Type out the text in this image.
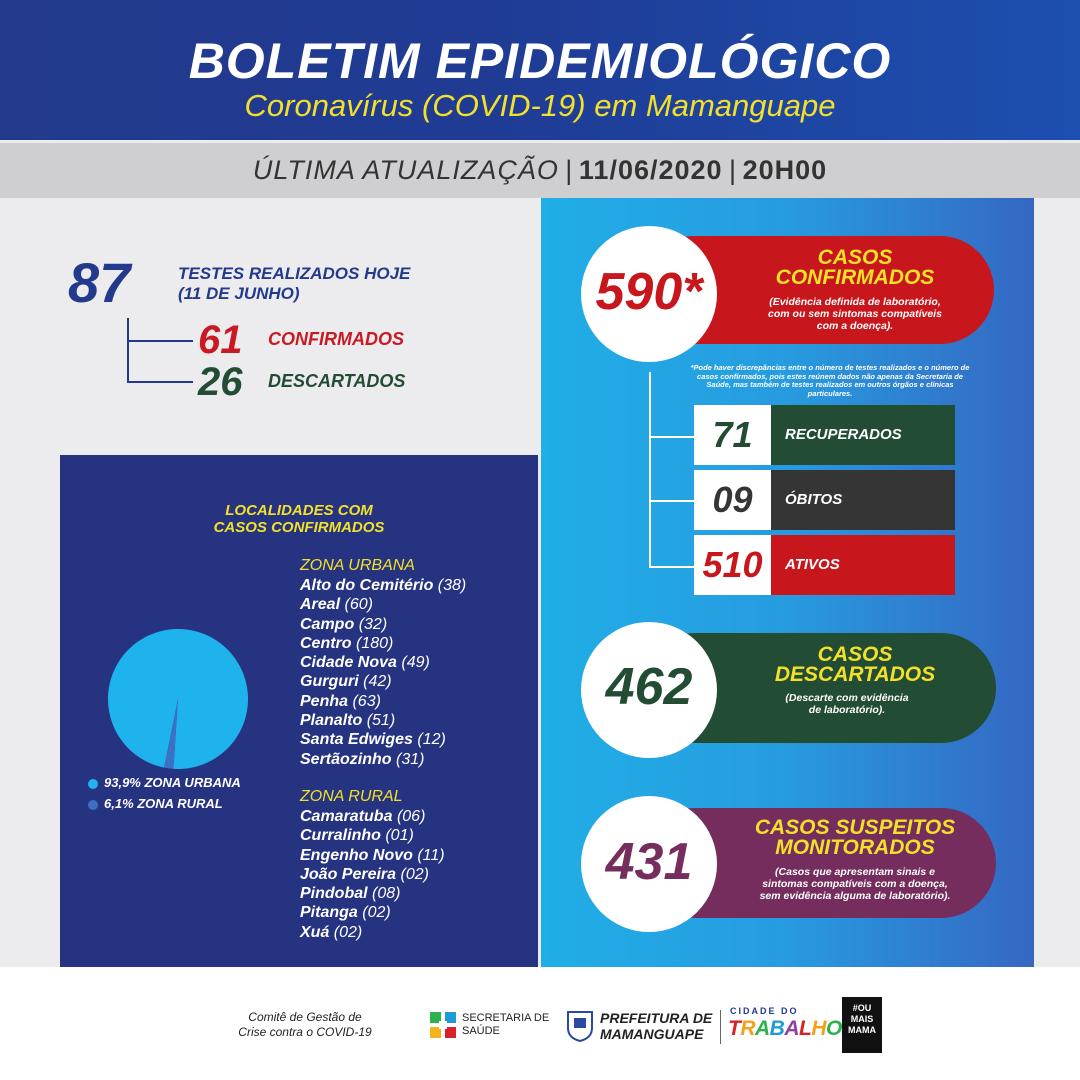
BOLETIM EPIDEMIOLÓGICO
Coronavírus (COVID-19) em Mamanguape
ÚLTIMA ATUALIZAÇÃO | 11/06/2020 | 20H00
87	TESTES REALIZADOS HOJE
(11 DE JUNHO)
61 CONFIRMADOS
26 DESCARTADOS
LOCALIDADES COM
CASOS CONFIRMADOS
93,9% ZONA URBANA
6,1% ZONA RURAL
ZONA URBANA
Alto do Cemitério (38)
Areal (60)
Campo (32)
Centro (180)
Cidade Nova (49)
Gurguri (42)
Penha (63)
Planalto (51)
Santa Edwiges (12)
Sertãozinho (31)
ZONA RURAL
Camaratuba (06)
Curralinho (01)
Engenho Novo (11)
João Pereira (02)
Pindobal (08)
Pitanga (02)
Xuá (02)
590*
CASOS
CONFIRMADOS
(Evidência definida de laboratório,
com ou sem sintomas compatíveis
com a doença).
*Pode haver discrepâncias entre o número de testes realizados e o número de casos confirmados, pois estes reúnem dados não apenas da Secretaria de Saúde, mas também de testes realizados em outros órgãos e clínicas particulares.
71	RECUPERADOS
09	ÓBITOS
510	ATIVOS
462
CASOS
DESCARTADOS
(Descarte com evidência
de laboratório).
431
CASOS SUSPEITOS
MONITORADOS
(Casos que apresentam sinais e
sintomas compatíveis com a doença,
sem evidência alguma de laboratório).
Comitê de Gestão de
Crise contra o COVID-19
SECRETARIA DE
SAÚDE
PREFEITURA DE
MAMANGUAPE
CIDADE DO
TRABALHO
#OU MAIS MAMA
